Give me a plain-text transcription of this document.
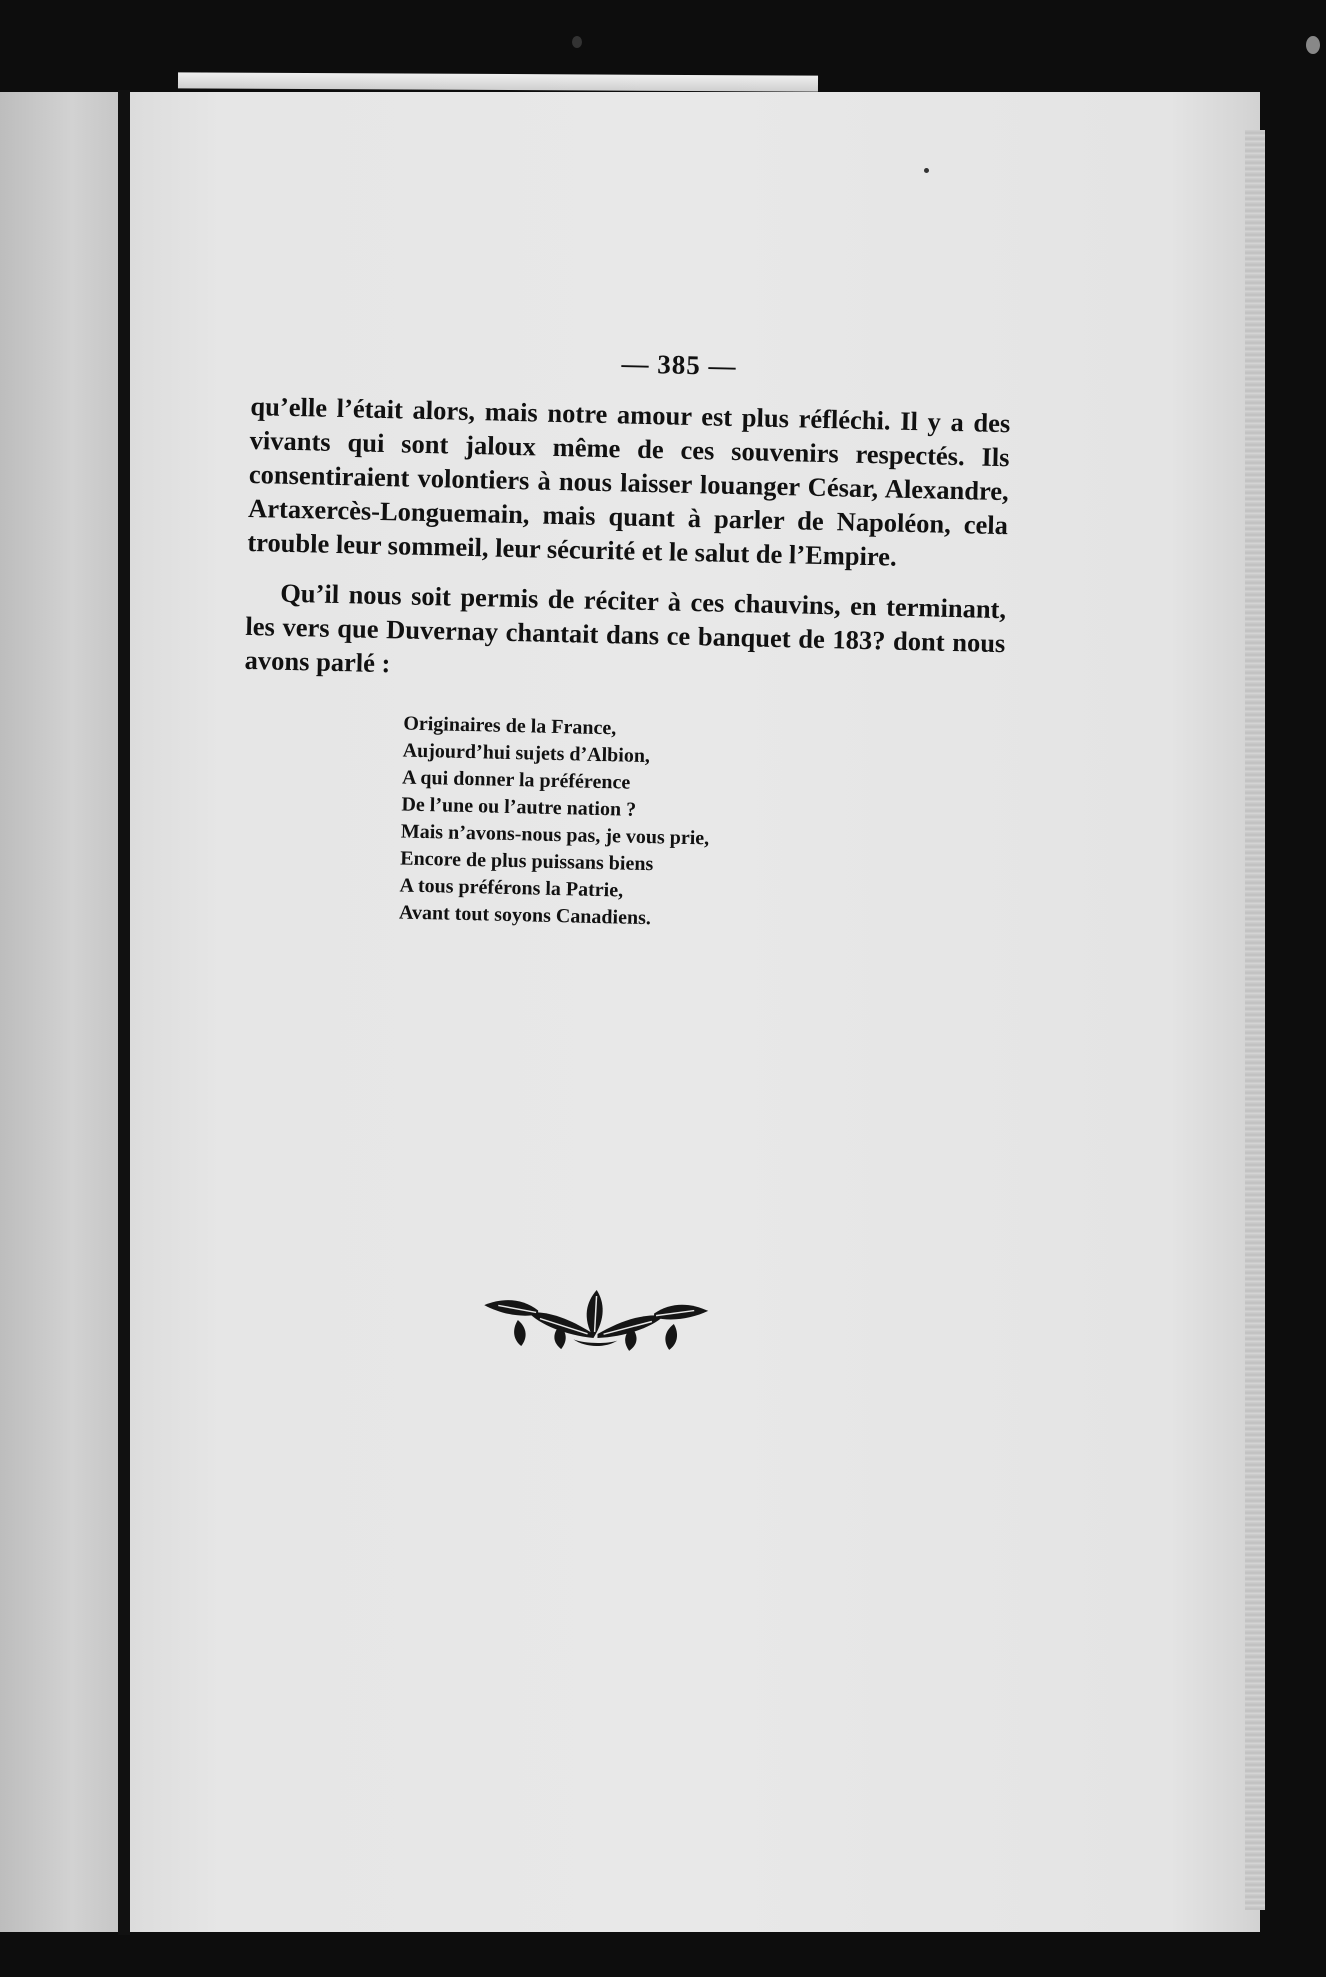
— 385 —

qu’elle l’était alors, mais notre amour est plus réfléchi. Il y a des vivants qui sont jaloux même de ces souvenirs respectés. Ils consentiraient volontiers à nous laisser louanger César, Alexandre, Artaxercès-Longuemain, mais quant à parler de Napoléon, cela trouble leur sommeil, leur sécurité et le salut de l’Empire.

Qu’il nous soit permis de réciter à ces chauvins, en terminant, les vers que Duvernay chantait dans ce banquet de 183? dont nous avons parlé :

Originaires de la France,
Aujourd’hui sujets d’Albion,
A qui donner la préférence
De l’une ou l’autre nation ?
Mais n’avons-nous pas, je vous prie,
Encore de plus puissans biens
A tous préférons la Patrie,
Avant tout soyons Canadiens.
